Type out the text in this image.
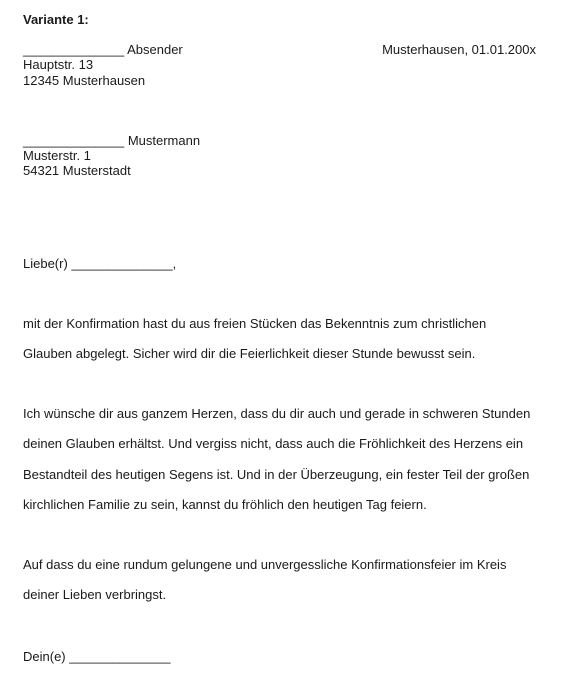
Variante 1:
______________ Absender
Hauptstr. 13
12345 Musterhausen
Musterhausen, 01.01.200x
______________ Mustermann
Musterstr. 1
54321 Musterstadt
Liebe(r) ______________,
mit der Konfirmation hast du aus freien Stücken das Bekenntnis zum christlichen
Glauben abgelegt. Sicher wird dir die Feierlichkeit dieser Stunde bewusst sein.
Ich wünsche dir aus ganzem Herzen, dass du dir auch und gerade in schweren Stunden
deinen Glauben erhältst. Und vergiss nicht, dass auch die Fröhlichkeit des Herzens ein
Bestandteil des heutigen Segens ist. Und in der Überzeugung, ein fester Teil der großen
kirchlichen Familie zu sein, kannst du fröhlich den heutigen Tag feiern.
Auf dass du eine rundum gelungene und unvergessliche Konfirmationsfeier im Kreis
deiner Lieben verbringst.
Dein(e) ______________
